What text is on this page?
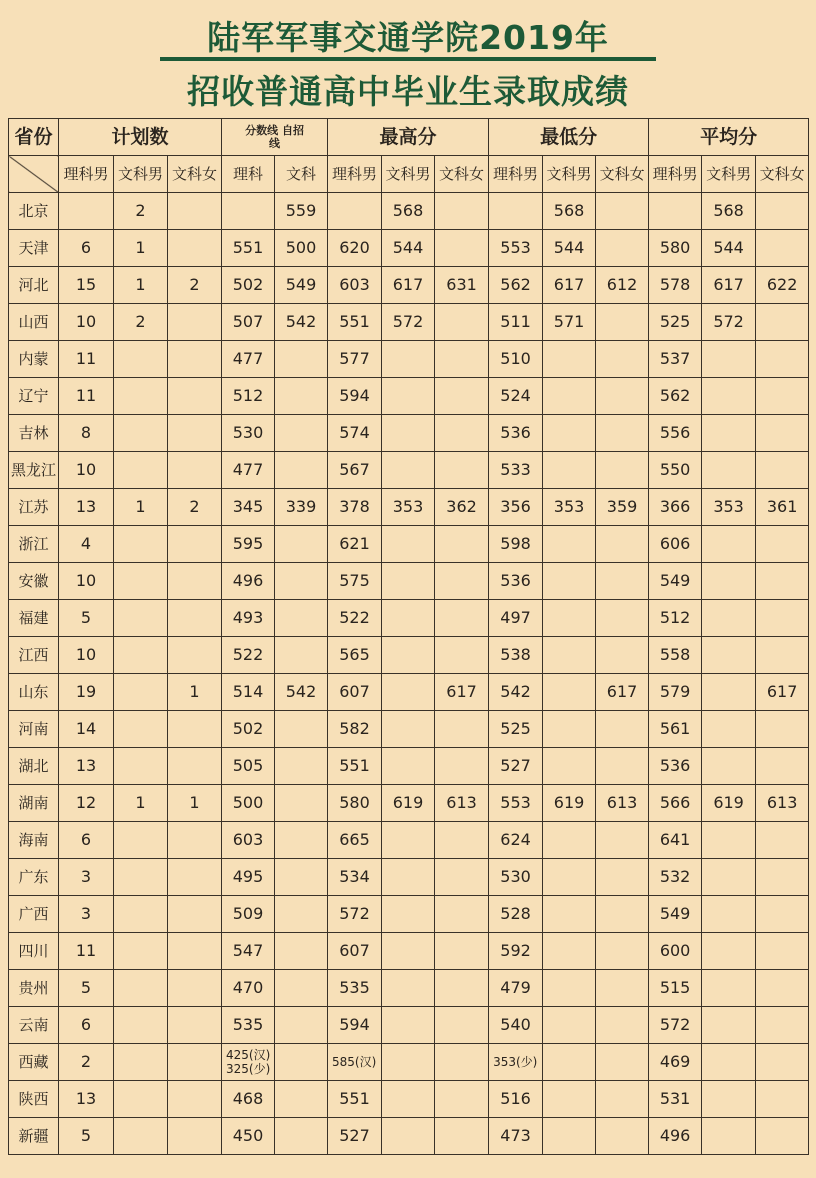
陆军军事交通学院2019年
招收普通高中毕业生录取成绩
省份	计划数			分数线 自招线		最高分			最低分			平均分		
	理科男	文科男	文科女	理科	文科	理科男	文科男	文科女	理科男	文科男	文科女	理科男	文科男	文科女
北京		2			559		568			568			568	
天津	6	1		551	500	620	544		553	544		580	544	
河北	15	1	2	502	549	603	617	631	562	617	612	578	617	622
山西	10	2		507	542	551	572		511	571		525	572	
内蒙	11			477		577			510			537		
辽宁	11			512		594			524			562		
吉林	8			530		574			536			556		
黑龙江	10			477		567			533			550		
江苏	13	1	2	345	339	378	353	362	356	353	359	366	353	361
浙江	4			595		621			598			606		
安徽	10			496		575			536			549		
福建	5			493		522			497			512		
江西	10			522		565			538			558		
山东	19		1	514	542	607		617	542		617	579		617
河南	14			502		582			525			561		
湖北	13			505		551			527			536		
湖南	12	1	1	500		580	619	613	553	619	613	566	619	613
海南	6			603		665			624			641		
广东	3			495		534			530			532		
广西	3			509		572			528			549		
四川	11			547		607			592			600		
贵州	5			470		535			479			515		
云南	6			535		594			540			572		
西藏	2			425(汉) 325(少)		585(汉)			353(少)			469		
陕西	13			468		551			516			531		
新疆	5			450		527			473			496		
